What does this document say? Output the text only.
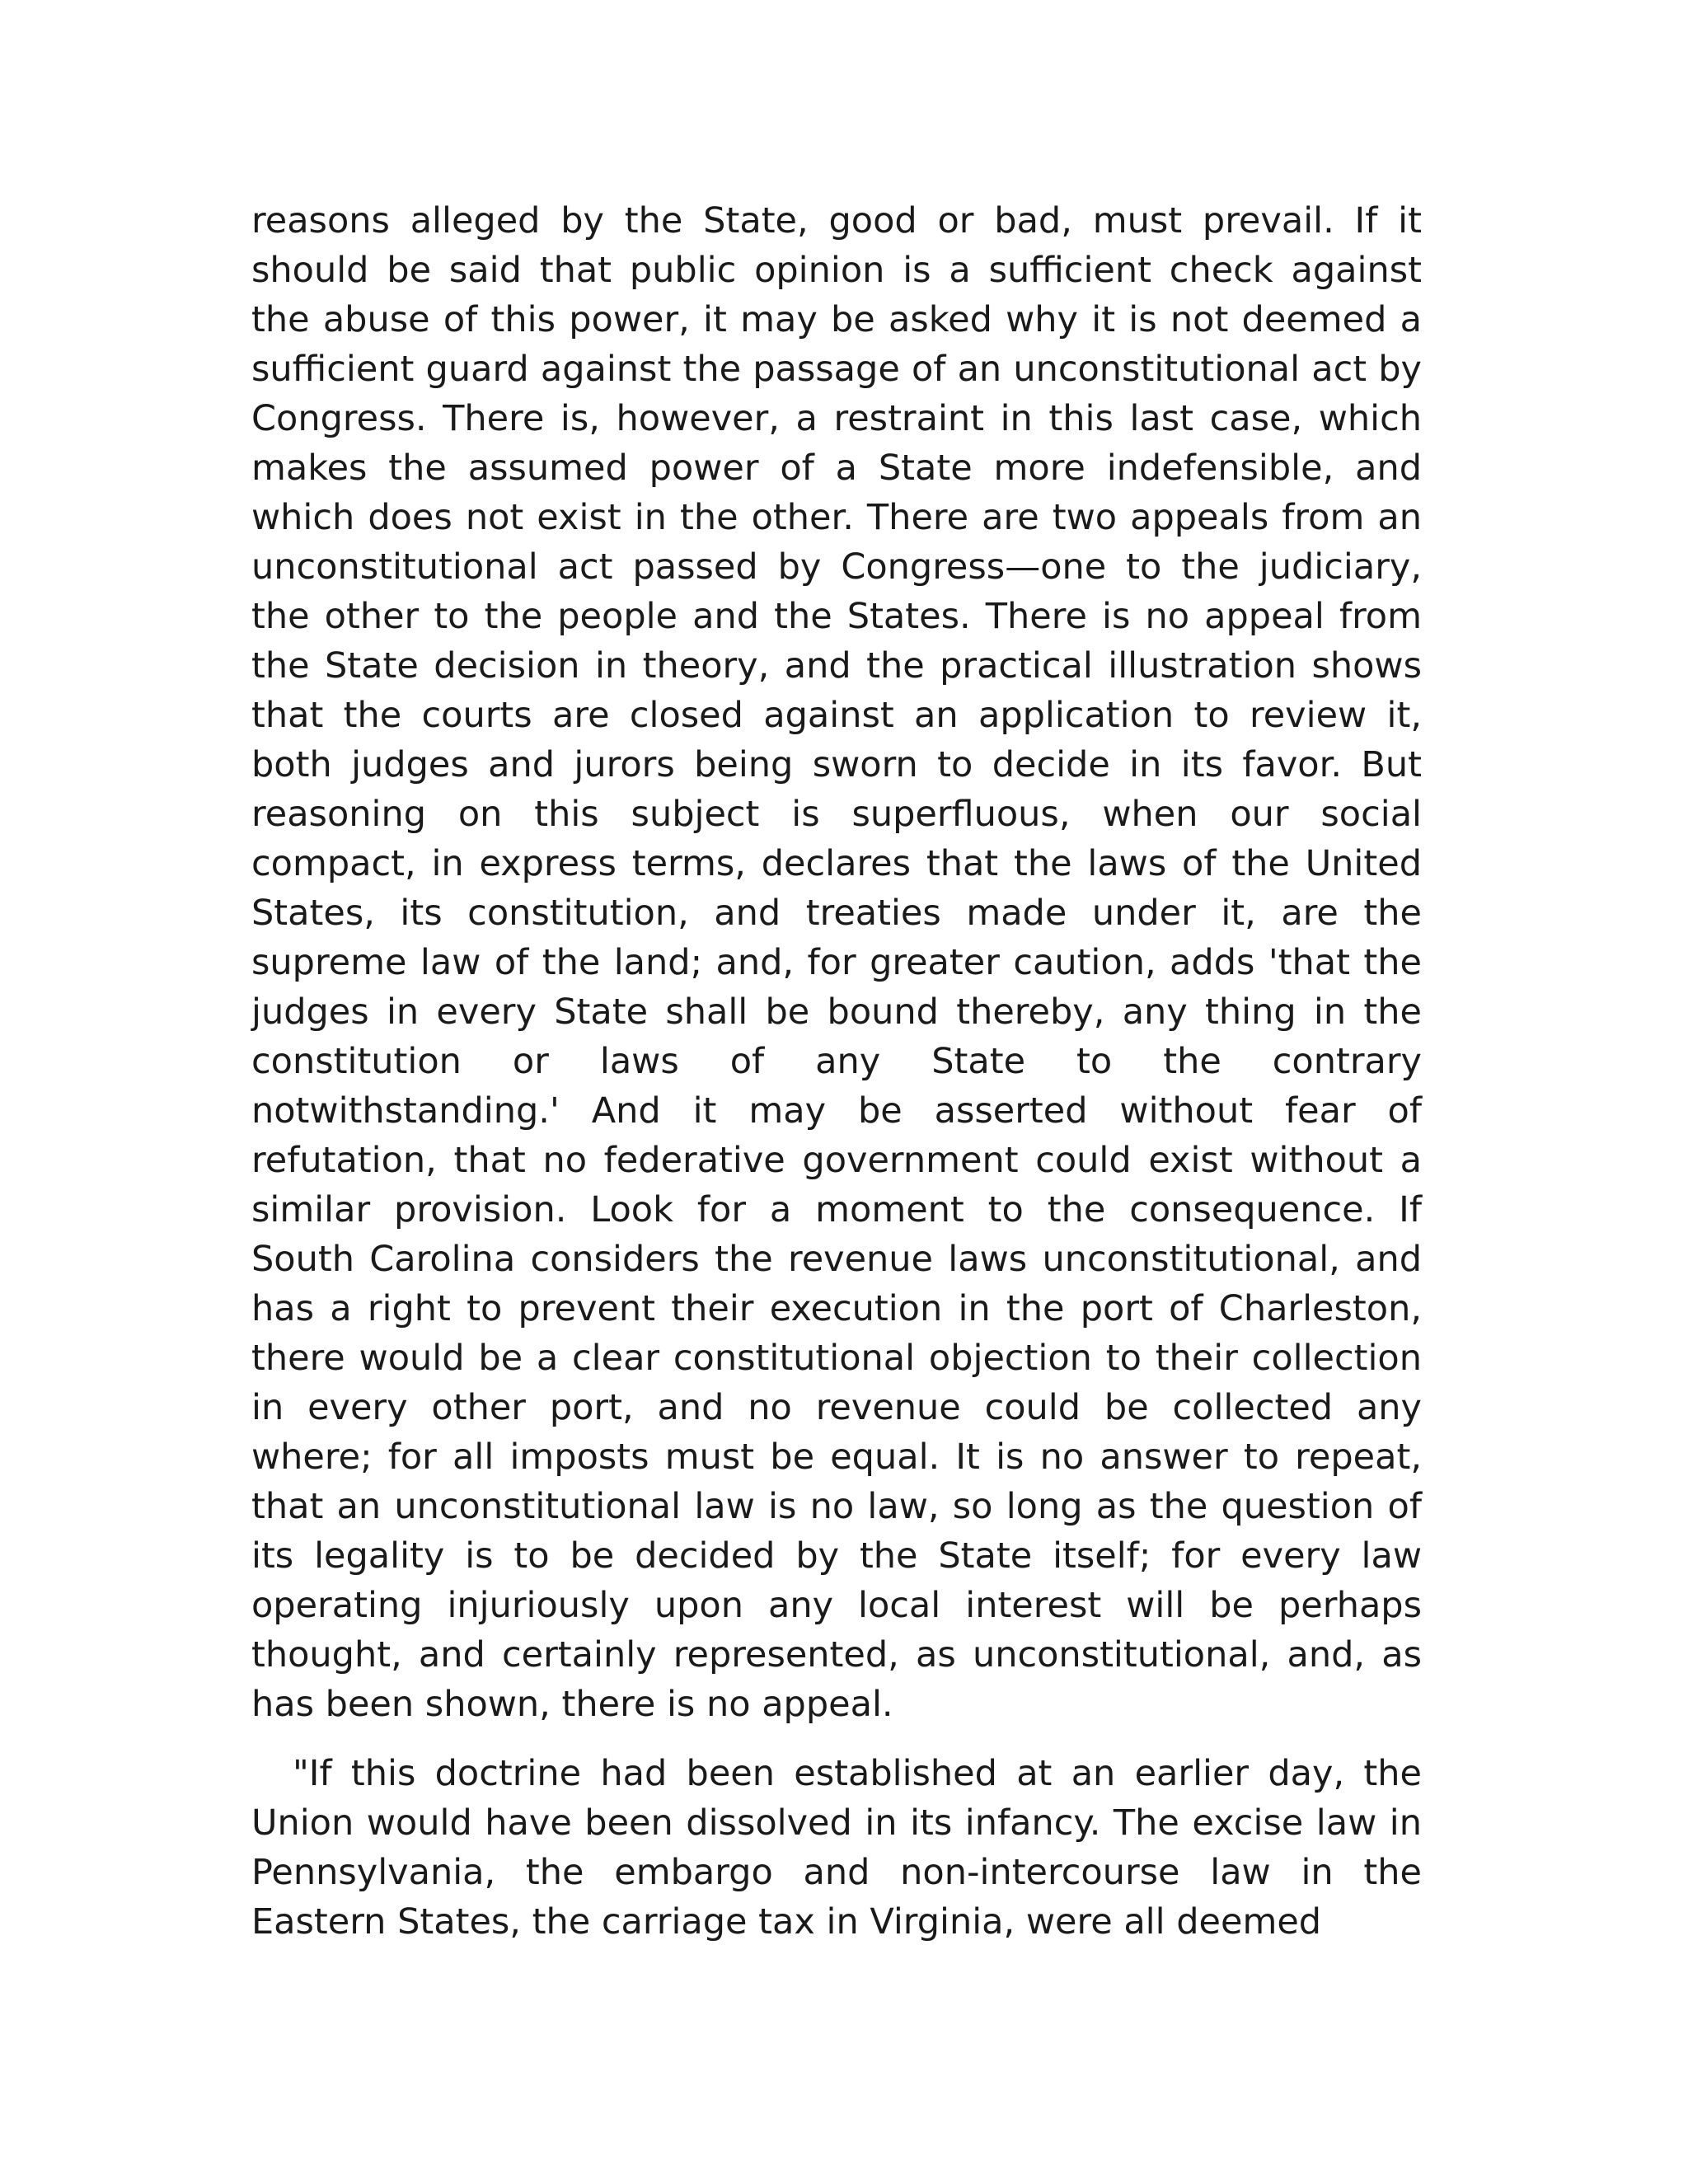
reasons alleged by the State, good or bad, must prevail. If it should be said that public opinion is a sufficient check against the abuse of this power, it may be asked why it is not deemed a sufficient guard against the passage of an unconstitutional act by Congress. There is, however, a restraint in this last case, which makes the assumed power of a State more indefensible, and which does not exist in the other. There are two appeals from an unconstitutional act passed by Congress—one to the judiciary, the other to the people and the States. There is no appeal from the State decision in theory, and the practical illustration shows that the courts are closed against an application to review it, both judges and jurors being sworn to decide in its favor. But reasoning on this subject is superfluous, when our social compact, in express terms, declares that the laws of the United States, its constitution, and treaties made under it, are the supreme law of the land; and, for greater caution, adds 'that the judges in every State shall be bound thereby, any thing in the constitution or laws of any State to the contrary notwithstanding.' And it may be asserted without fear of refutation, that no federative government could exist without a similar provision. Look for a moment to the consequence. If South Carolina considers the revenue laws unconstitutional, and has a right to prevent their execution in the port of Charleston, there would be a clear constitutional objection to their collection in every other port, and no revenue could be collected any where; for all imposts must be equal. It is no answer to repeat, that an unconstitutional law is no law, so long as the question of its legality is to be decided by the State itself; for every law operating injuriously upon any local interest will be perhaps thought, and certainly represented, as unconstitutional, and, as has been shown, there is no appeal.

"If this doctrine had been established at an earlier day, the Union would have been dissolved in its infancy. The excise law in Pennsylvania, the embargo and non-intercourse law in the Eastern States, the carriage tax in Virginia, were all deemed
